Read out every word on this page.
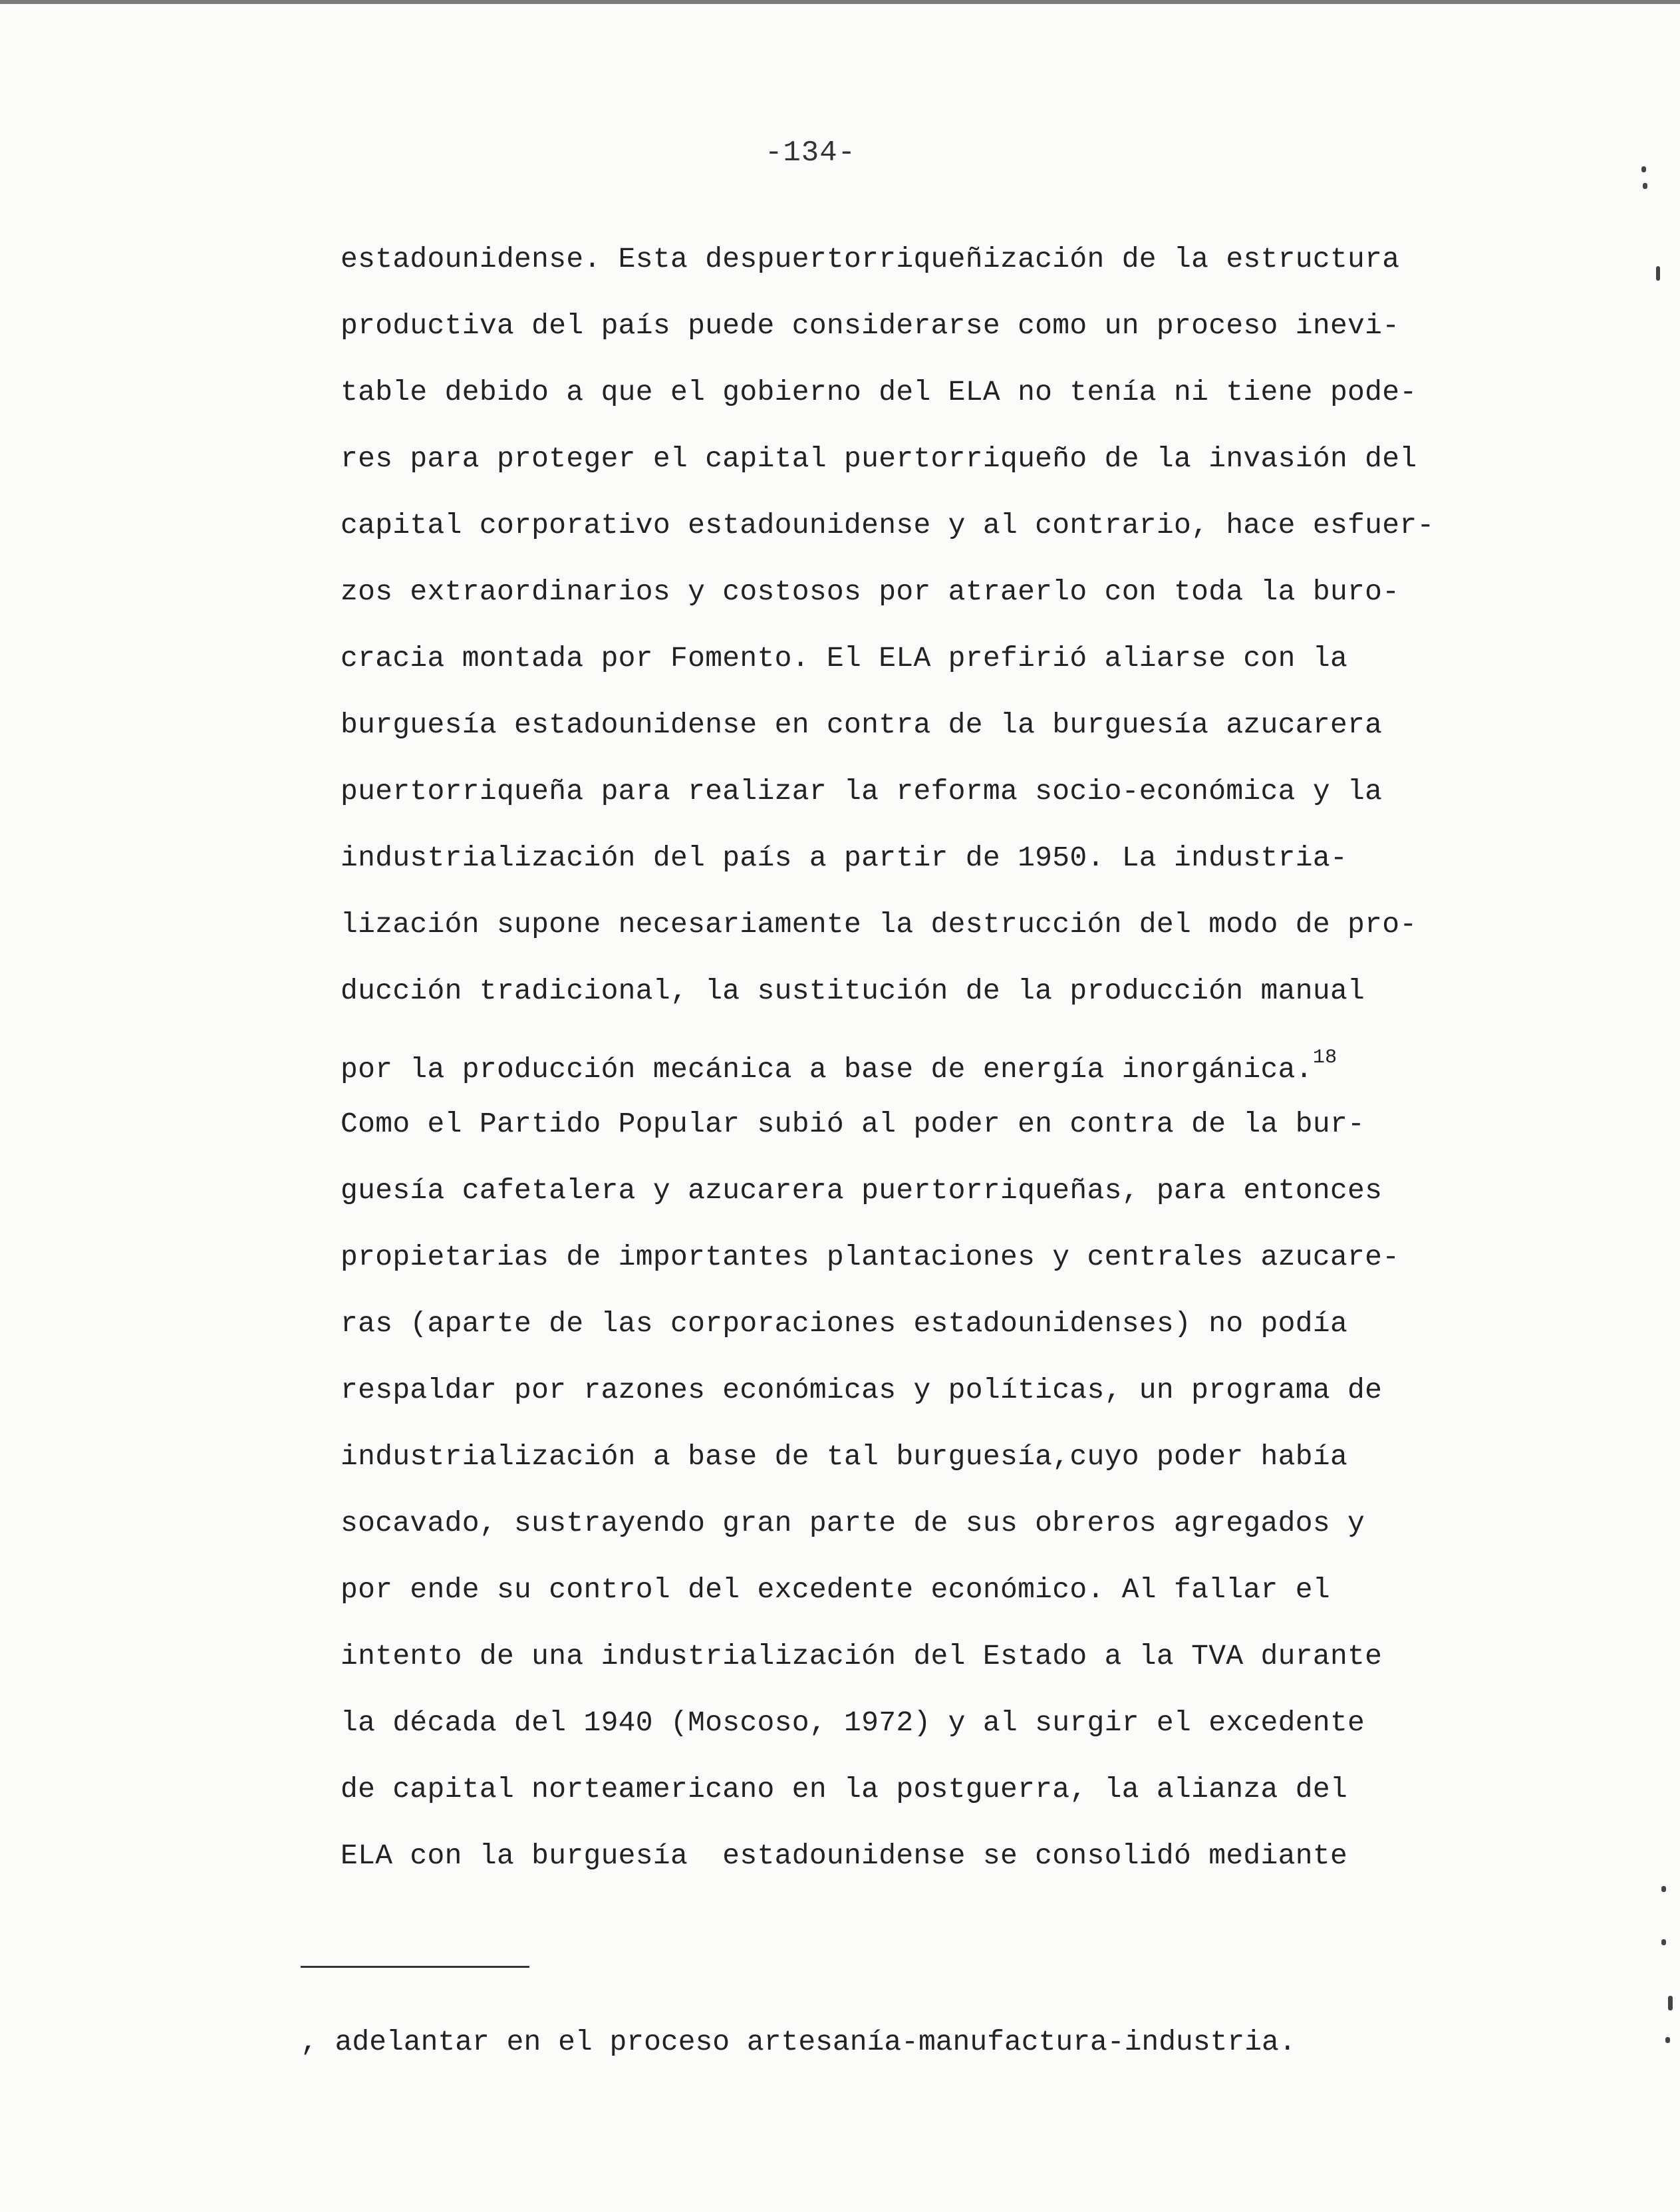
-134-
estadounidense. Esta despuertorriqueñización de la estructura
productiva del país puede considerarse como un proceso inevi-
table debido a que el gobierno del ELA no tenía ni tiene pode-
res para proteger el capital puertorriqueño de la invasión del
capital corporativo estadounidense y al contrario, hace esfuer-
zos extraordinarios y costosos por atraerlo con toda la buro-
cracia montada por Fomento. El ELA prefirió aliarse con la
burguesía estadounidense en contra de la burguesía azucarera
puertorriqueña para realizar la reforma socio-económica y la
industrialización del país a partir de 1950. La industria-
lización supone necesariamente la destrucción del modo de pro-
ducción tradicional, la sustitución de la producción manual
por la producción mecánica a base de energía inorgánica.$^{18}$
Como el Partido Popular subió al poder en contra de la bur-
guesía cafetalera y azucarera puertorriqueñas, para entonces
propietarias de importantes plantaciones y centrales azucare-
ras (aparte de las corporaciones estadounidenses) no podía
respaldar por razones económicas y políticas, un programa de
industrialización a base de tal burguesía,cuyo poder había
socavado, sustrayendo gran parte de sus obreros agregados y
por ende su control del excedente económico. Al fallar el
intento de una industrialización del Estado a la TVA durante
la década del 1940 (Moscoso, 1972) y al surgir el excedente
de capital norteamericano en la postguerra, la alianza del
ELA con la burguesía  estadounidense se consolidó mediante
, adelantar en el proceso artesanía-manufactura-industria.
